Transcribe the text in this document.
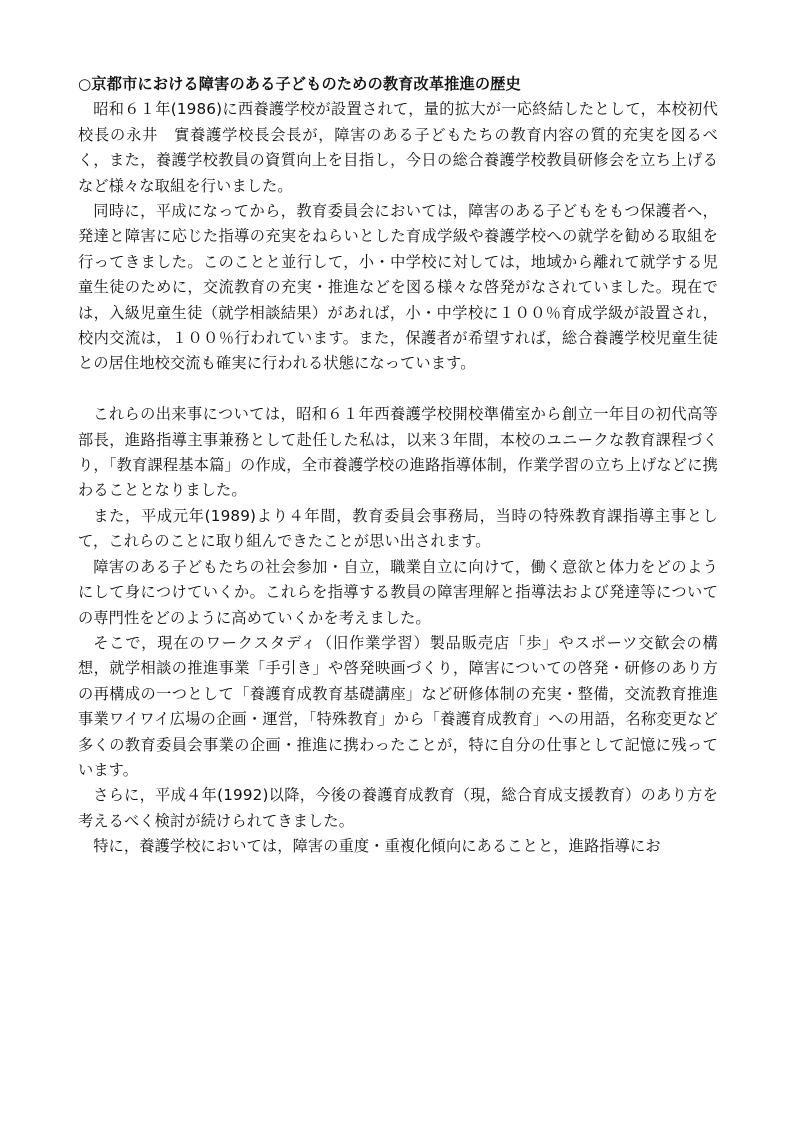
○京都市における障害のある子どものための教育改革推進の歴史

昭和６１年(1986)に西養護学校が設置されて，量的拡大が一応終結したとして，本校初代校長の永井　實養護学校長会長が，障害のある子どもたちの教育内容の質的充実を図るべく，また，養護学校教員の資質向上を目指し，今日の総合養護学校教員研修会を立ち上げるなど様々な取組を行いました。

同時に，平成になってから，教育委員会においては，障害のある子どもをもつ保護者へ，発達と障害に応じた指導の充実をねらいとした育成学級や養護学校への就学を勧める取組を行ってきました。このことと並行して，小・中学校に対しては，地域から離れて就学する児童生徒のために，交流教育の充実・推進などを図る様々な啓発がなされていました。現在では，入級児童生徒（就学相談結果）があれば，小・中学校に１００％育成学級が設置され，校内交流は，１００％行われています。また，保護者が希望すれば，総合養護学校児童生徒との居住地校交流も確実に行われる状態になっています。

これらの出来事については，昭和６１年西養護学校開校準備室から創立一年目の初代高等部長，進路指導主事兼務として赴任した私は，以来３年間，本校のユニークな教育課程づくり，「教育課程基本篇」の作成，全市養護学校の進路指導体制，作業学習の立ち上げなどに携わることとなりました。

また，平成元年(1989)より４年間，教育委員会事務局，当時の特殊教育課指導主事として，これらのことに取り組んできたことが思い出されます。

障害のある子どもたちの社会参加・自立，職業自立に向けて，働く意欲と体力をどのようにして身につけていくか。これらを指導する教員の障害理解と指導法および発達等についての専門性をどのように高めていくかを考えました。

そこで，現在のワークスタディ（旧作業学習）製品販売店「歩」やスポーツ交歓会の構想，就学相談の推進事業「手引き」や啓発映画づくり，障害についての啓発・研修のあり方の再構成の一つとして「養護育成教育基礎講座」など研修体制の充実・整備，交流教育推進事業ワイワイ広場の企画・運営，「特殊教育」から「養護育成教育」への用語，名称変更など多くの教育委員会事業の企画・推進に携わったことが，特に自分の仕事として記憶に残っています。

さらに，平成４年(1992)以降，今後の養護育成教育（現，総合育成支援教育）のあり方を考えるべく検討が続けられてきました。

特に，養護学校においては，障害の重度・重複化傾向にあることと，進路指導にお
